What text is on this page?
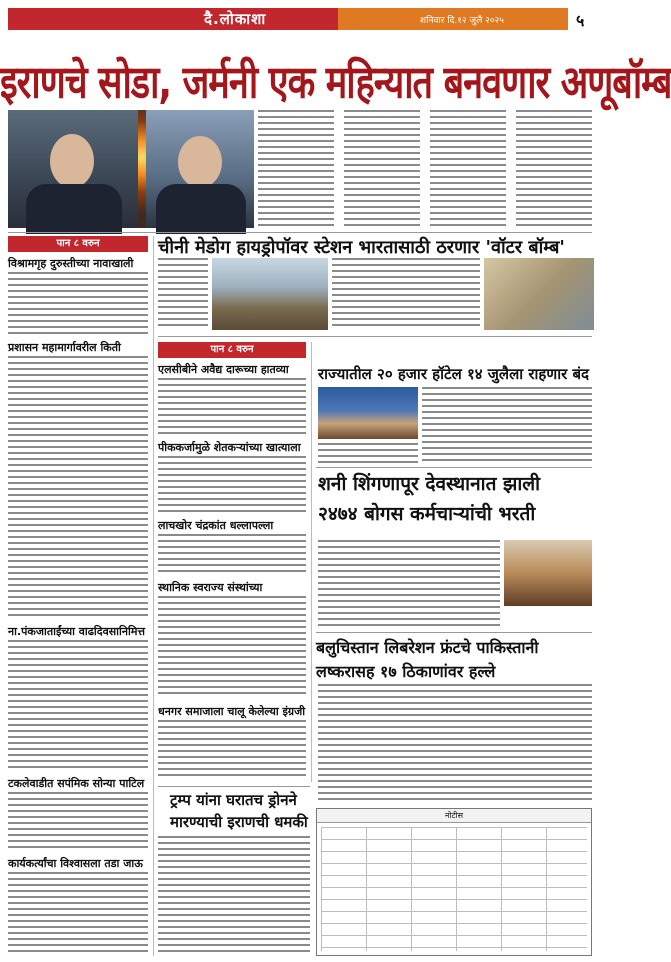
दै.लोकाशा	शनिवार दि.१२ जुलै २०२५	५
इराणचे सोडा, जर्मनी एक महिन्यात बनवणार अणूबॉम्ब
पान ८ वरुन
विश्रामगृह दुरुस्तीच्या नावाखाली
प्रशासन महामार्गावरील किती
ना.पंकजाताईंच्या वाढदिवसानिमित्त
टकलेवाडीत सपंमिक सोन्या पाटिल
कार्यकर्त्यांचा विश्वासला तडा जाऊ
चीनी मेडोग हायड्रोपॉवर स्टेशन भारतासाठी ठरणार 'वॉटर बॉम्ब'
पान ८ वरुन
एलसीबीने अवैद्य दारूच्या हातव्या
पीककर्जामुळे शेतकऱ्यांच्या खात्याला
लाचखोर चंद्रकांत धल्लापल्ला
स्थानिक स्वराज्य संस्थांच्या
धनगर समाजाला चालू केलेल्या इंग्रजी
राज्यातील २० हजार हॉटेल १४ जुलैला राहणार बंद
शनी शिंगणापूर देवस्थानात झाली
२४७४ बोगस कर्मचाऱ्यांची भरती
बलुचिस्तान लिबरेशन फ्रंटचे पाकिस्तानी
लष्करासह १७ ठिकाणांवर हल्ले
ट्रम्प यांना घरातच ड्रोनने
मारण्याची इराणची धमकी	नोटीस
